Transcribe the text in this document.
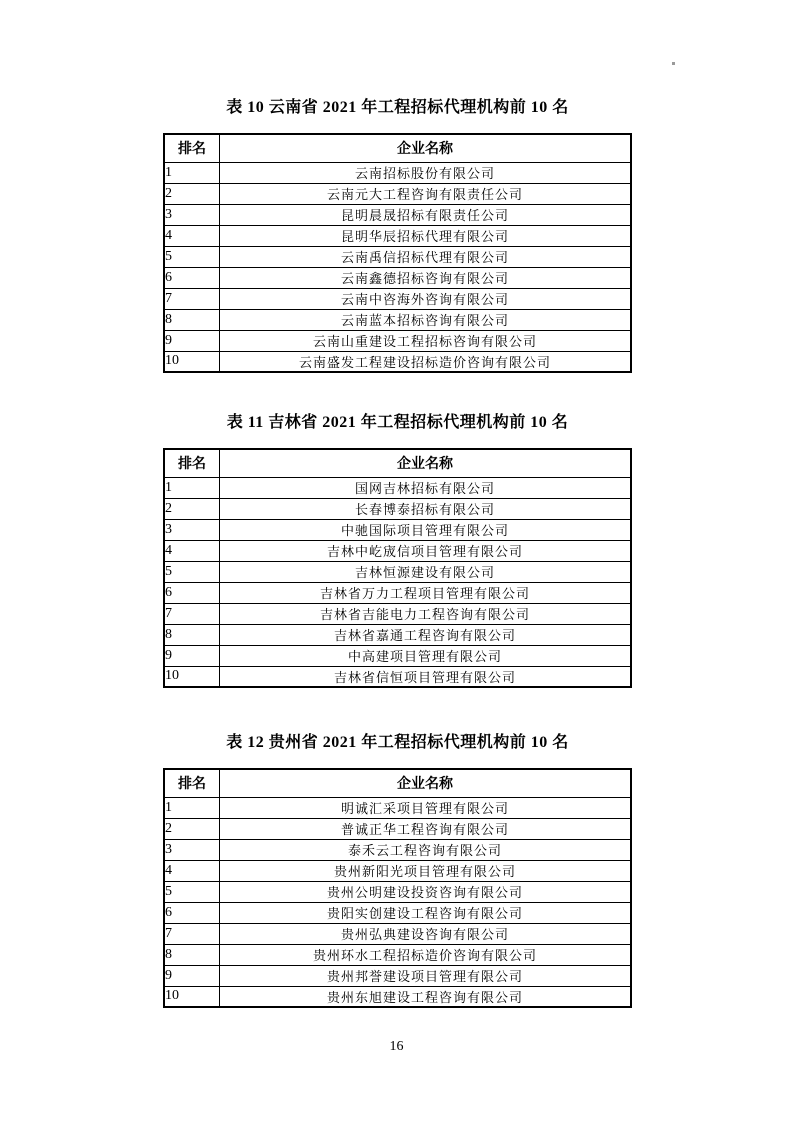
表 10 云南省 2021 年工程招标代理机构前 10 名
排名	企业名称
1	云南招标股份有限公司
2	云南元大工程咨询有限责任公司
3	昆明晨晟招标有限责任公司
4	昆明华辰招标代理有限公司
5	云南禹信招标代理有限公司
6	云南鑫德招标咨询有限公司
7	云南中咨海外咨询有限公司
8	云南蓝本招标咨询有限公司
9	云南山重建设工程招标咨询有限公司
10	云南盛发工程建设招标造价咨询有限公司
表 11 吉林省 2021 年工程招标代理机构前 10 名
排名	企业名称
1	国网吉林招标有限公司
2	长春博泰招标有限公司
3	中驰国际项目管理有限公司
4	吉林中屹宬信项目管理有限公司
5	吉林恒源建设有限公司
6	吉林省万力工程项目管理有限公司
7	吉林省吉能电力工程咨询有限公司
8	吉林省嘉通工程咨询有限公司
9	中高建项目管理有限公司
10	吉林省信恒项目管理有限公司
表 12 贵州省 2021 年工程招标代理机构前 10 名
排名	企业名称
1	明诚汇采项目管理有限公司
2	普诚正华工程咨询有限公司
3	泰禾云工程咨询有限公司
4	贵州新阳光项目管理有限公司
5	贵州公明建设投资咨询有限公司
6	贵阳实创建设工程咨询有限公司
7	贵州弘典建设咨询有限公司
8	贵州环水工程招标造价咨询有限公司
9	贵州邦誉建设项目管理有限公司
10	贵州东旭建设工程咨询有限公司
16
